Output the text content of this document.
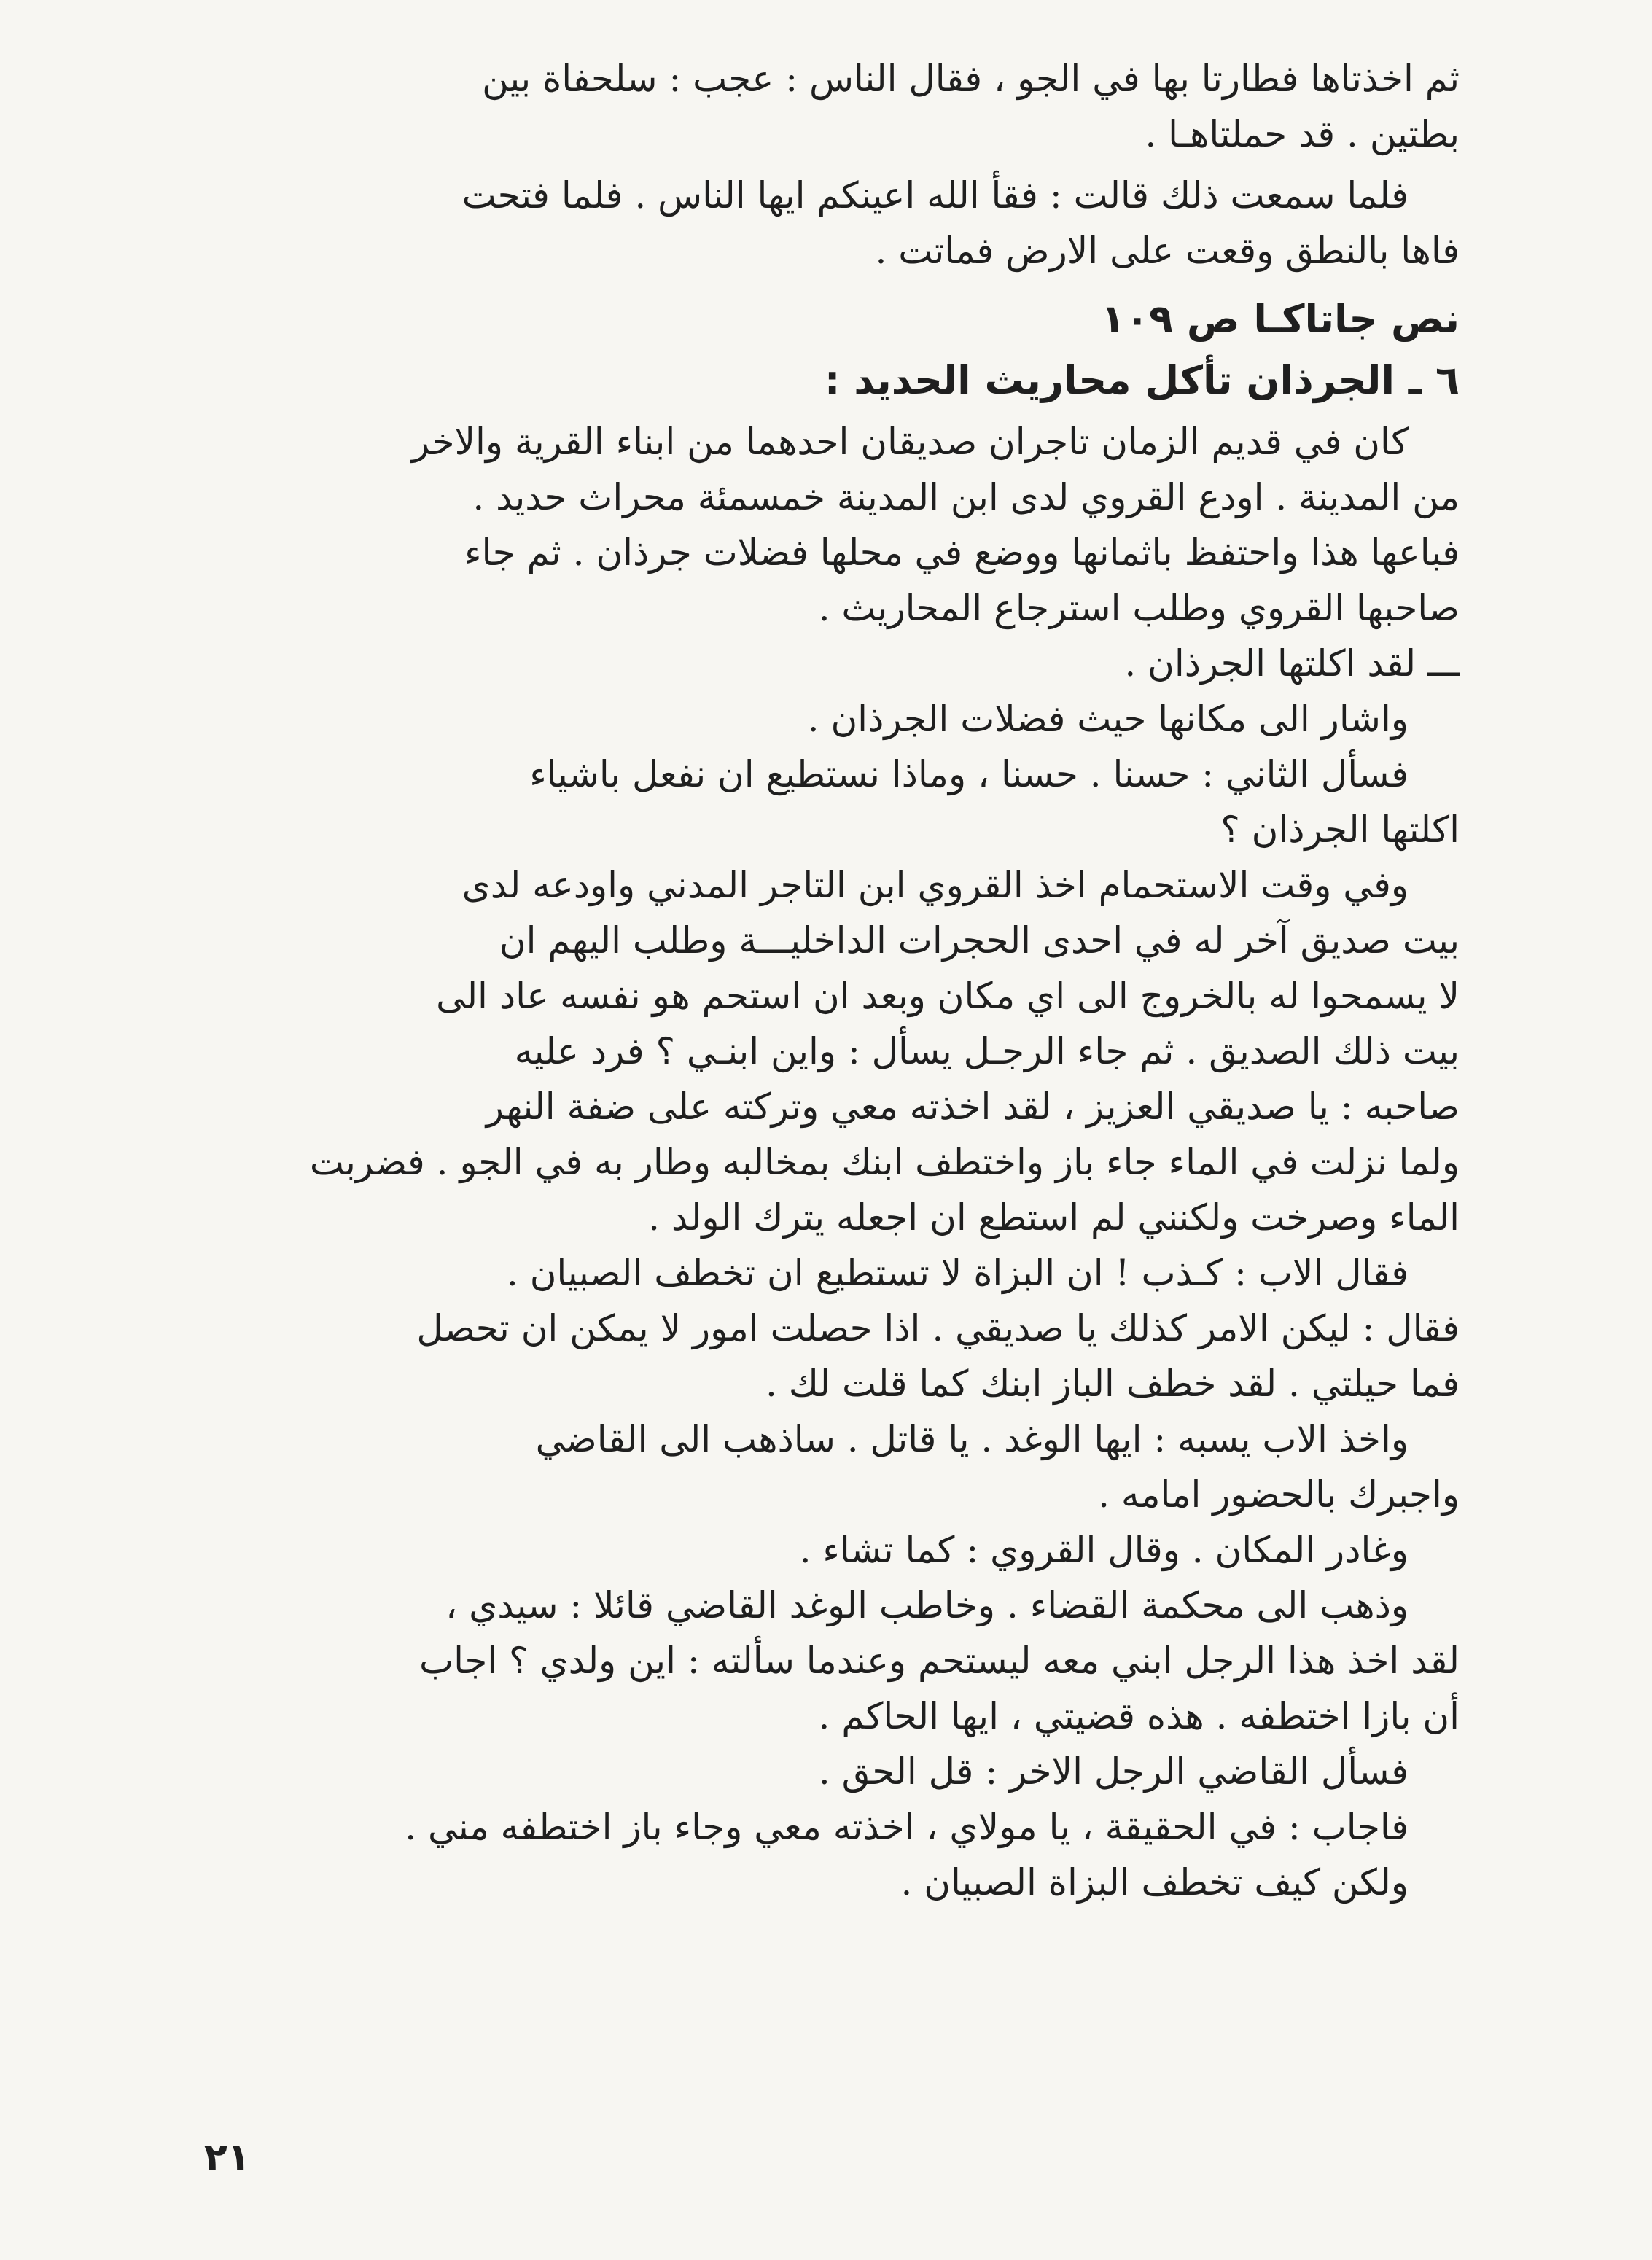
ثم اخذتاها فطارتا بها في الجو ، فقال الناس : عجب : سلحفاة بين
بطتين . قد حملتاهـا .
فلما سمعت ذلك قالت : فقأ الله اعينكم ايها الناس . فلما فتحت
فاها بالنطق وقعت على الارض فماتت .
نص جاتاكـا ص ١٠٩
٦ ـ الجرذان تأكل محاريث الحديد :
كان في قديم الزمان تاجران صديقان احدهما من ابناء القرية والاخر
من المدينة . اودع القروي لدى ابن المدينة خمسمئة محراث حديد .
فباعها هذا واحتفظ باثمانها ووضع في محلها فضلات جرذان . ثم جاء
صاحبها القروي وطلب استرجاع المحاريث .
ـــ لقد اكلتها الجرذان .
واشار الى مكانها حيث فضلات الجرذان .
فسأل الثاني : حسنا . حسنا ، وماذا نستطيع ان نفعل باشياء
اكلتها الجرذان ؟
وفي وقت الاستحمام اخذ القروي ابن التاجر المدني واودعه لدى
بيت صديق آخر له في احدى الحجرات الداخليـــة وطلب اليهم ان
لا يسمحوا له بالخروج الى اي مكان وبعد ان استحم هو نفسه عاد الى
بيت ذلك الصديق . ثم جاء الرجـل يسأل : واين ابنـي ؟ فرد عليه
صاحبه : يا صديقي العزيز ، لقد اخذته معي وتركته على ضفة النهر
ولما نزلت في الماء جاء باز واختطف ابنك بمخالبه وطار به في الجو . فضربت
الماء وصرخت ولكنني لم استطع ان اجعله يترك الولد .
فقال الاب : كـذب ! ان البزاة لا تستطيع ان تخطف الصبيان .
فقال : ليكن الامر كذلك يا صديقي . اذا حصلت امور لا يمكن ان تحصل
فما حيلتي . لقد خطف الباز ابنك كما قلت لك .
واخذ الاب يسبه : ايها الوغد . يا قاتل . ساذهب الى القاضي
واجبرك بالحضور امامه .
وغادر المكان . وقال القروي : كما تشاء .
وذهب الى محكمة القضاء . وخاطب الوغد القاضي قائلا : سيدي ،
لقد اخذ هذا الرجل ابني معه ليستحم وعندما سألته : اين ولدي ؟ اجاب
أن بازا اختطفه . هذه قضيتي ، ايها الحاكم .
فسأل القاضي الرجل الاخر : قل الحق .
فاجاب : في الحقيقة ، يا مولاي ، اخذته معي وجاء باز اختطفه مني .
ولكن كيف تخطف البزاة الصبيان .
٢١
